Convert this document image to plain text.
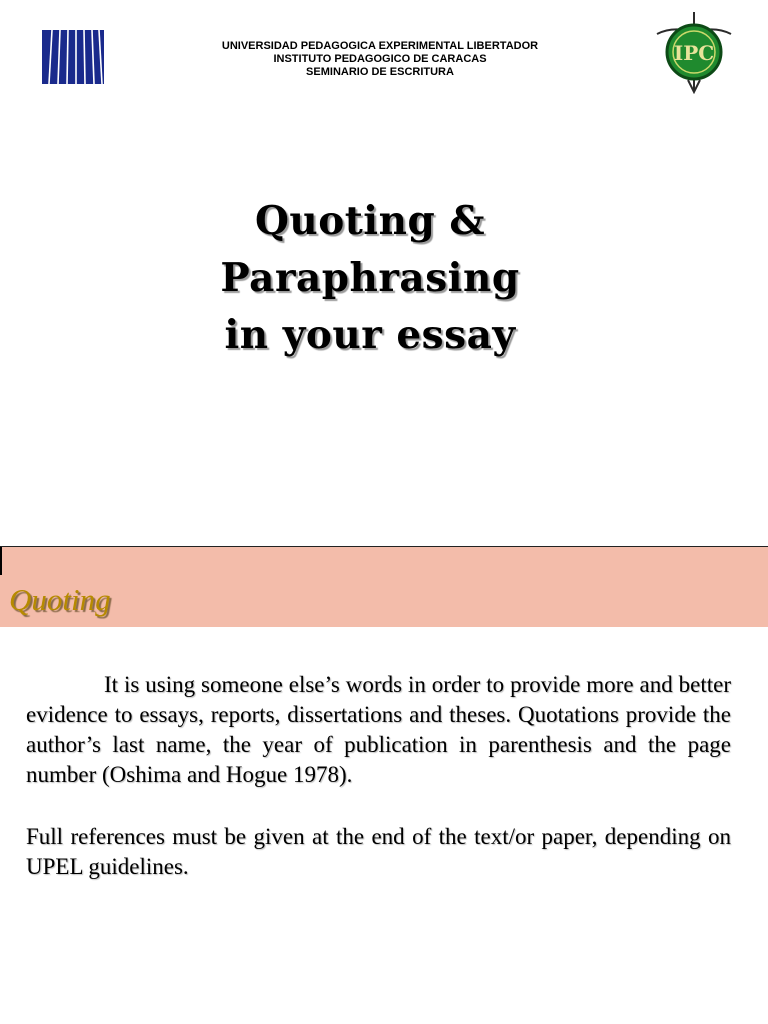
UNIVERSIDAD PEDAGOGICA EXPERIMENTAL LIBERTADOR
INSTITUTO PEDAGOGICO DE CARACAS
SEMINARIO DE ESCRITURA
IPC
Quoting &
Paraphrasing
in your essay
Quoting

It is using someone else’s words in order to provide more and better evidence to essays, reports, dissertations and theses. Quotations provide the author’s last name, the year of publication in parenthesis and the page number (Oshima and Hogue 1978).

Full references must be given at the end of the text/or paper, depending on UPEL guidelines.
